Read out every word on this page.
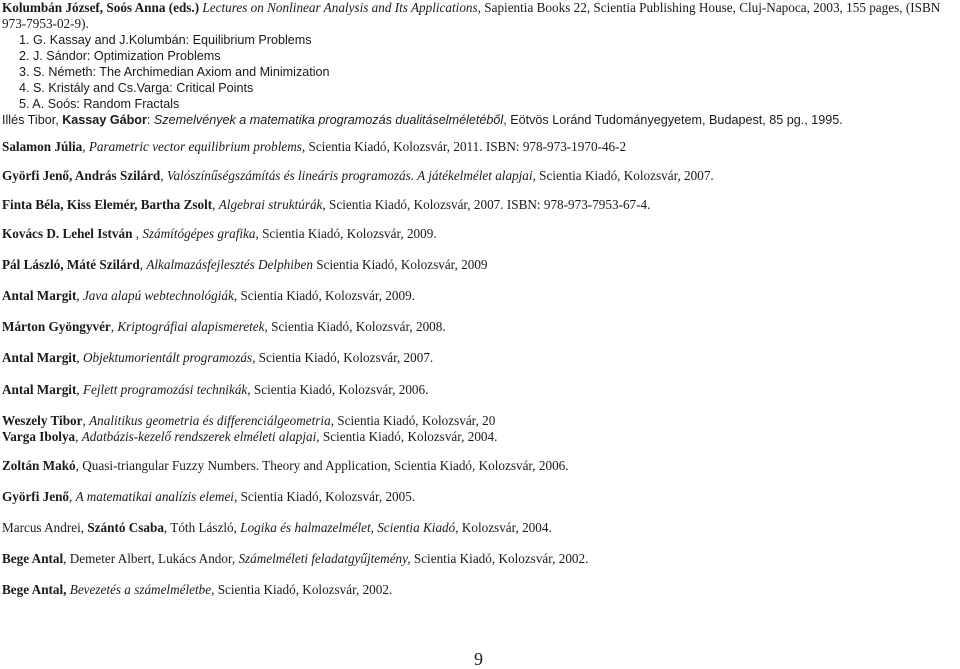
Kolumbán József, Soós Anna (eds.) Lectures on Nonlinear Analysis and Its Applications, Sapientia Books 22, Scientia Publishing House, Cluj-Napoca, 2003, 155 pages, (ISBN
973-7953-02-9).
1. G. Kassay and J.Kolumbán: Equilibrium Problems
2. J. Sándor: Optimization Problems
3. S. Németh: The Archimedian Axiom and Minimization
4. S. Kristály and Cs.Varga: Critical Points
5. A. Soós: Random Fractals
Illés Tibor, Kassay Gábor: Szemelvények a matematika programozás dualitáselméletéből, Eötvös Loránd Tudományegyetem, Budapest, 85 pg., 1995.
Salamon Júlia, Parametric vector equilibrium problems, Scientia Kiadó, Kolozsvár, 2011. ISBN: 978-973-1970-46-2
Györfi Jenő, András Szilárd, Valószínűségszámítás és lineáris programozás. A játékelmélet alapjai, Scientia Kiadó, Kolozsvár, 2007.
Finta Béla, Kiss Elemér, Bartha Zsolt, Algebrai struktúrák, Scientia Kiadó, Kolozsvár, 2007. ISBN: 978-973-7953-67-4.
Kovács D. Lehel István , Számítógépes grafika, Scientia Kiadó, Kolozsvár, 2009.
Pál László, Máté Szilárd, Alkalmazásfejlesztés Delphiben Scientia Kiadó, Kolozsvár, 2009
Antal Margit, Java alapú webtechnológiák, Scientia Kiadó, Kolozsvár, 2009.
Márton Gyöngyvér, Kriptográfiai alapismeretek, Scientia Kiadó, Kolozsvár, 2008.
Antal Margit, Objektumorientált programozás, Scientia Kiadó, Kolozsvár, 2007.
Antal Margit, Fejlett programozási technikák, Scientia Kiadó, Kolozsvár, 2006.
Weszely Tibor, Analitikus geometria és differenciálgeometria, Scientia Kiadó, Kolozsvár, 20
Varga Ibolya, Adatbázis-kezelő rendszerek elméleti alapjai, Scientia Kiadó, Kolozsvár, 2004.
Zoltán Makó, Quasi-triangular Fuzzy Numbers. Theory and Application, Scientia Kiadó, Kolozsvár, 2006.
Györfi Jenő, A matematikai analízis elemei, Scientia Kiadó, Kolozsvár, 2005.
Marcus Andrei, Szántó Csaba, Tóth László, Logika és halmazelmélet, Scientia Kiadó, Kolozsvár, 2004.
Bege Antal, Demeter Albert, Lukács Andor, Számelméleti feladatgyűjtemény, Scientia Kiadó, Kolozsvár, 2002.
Bege Antal, Bevezetés a számelméletbe, Scientia Kiadó, Kolozsvár, 2002.
9
